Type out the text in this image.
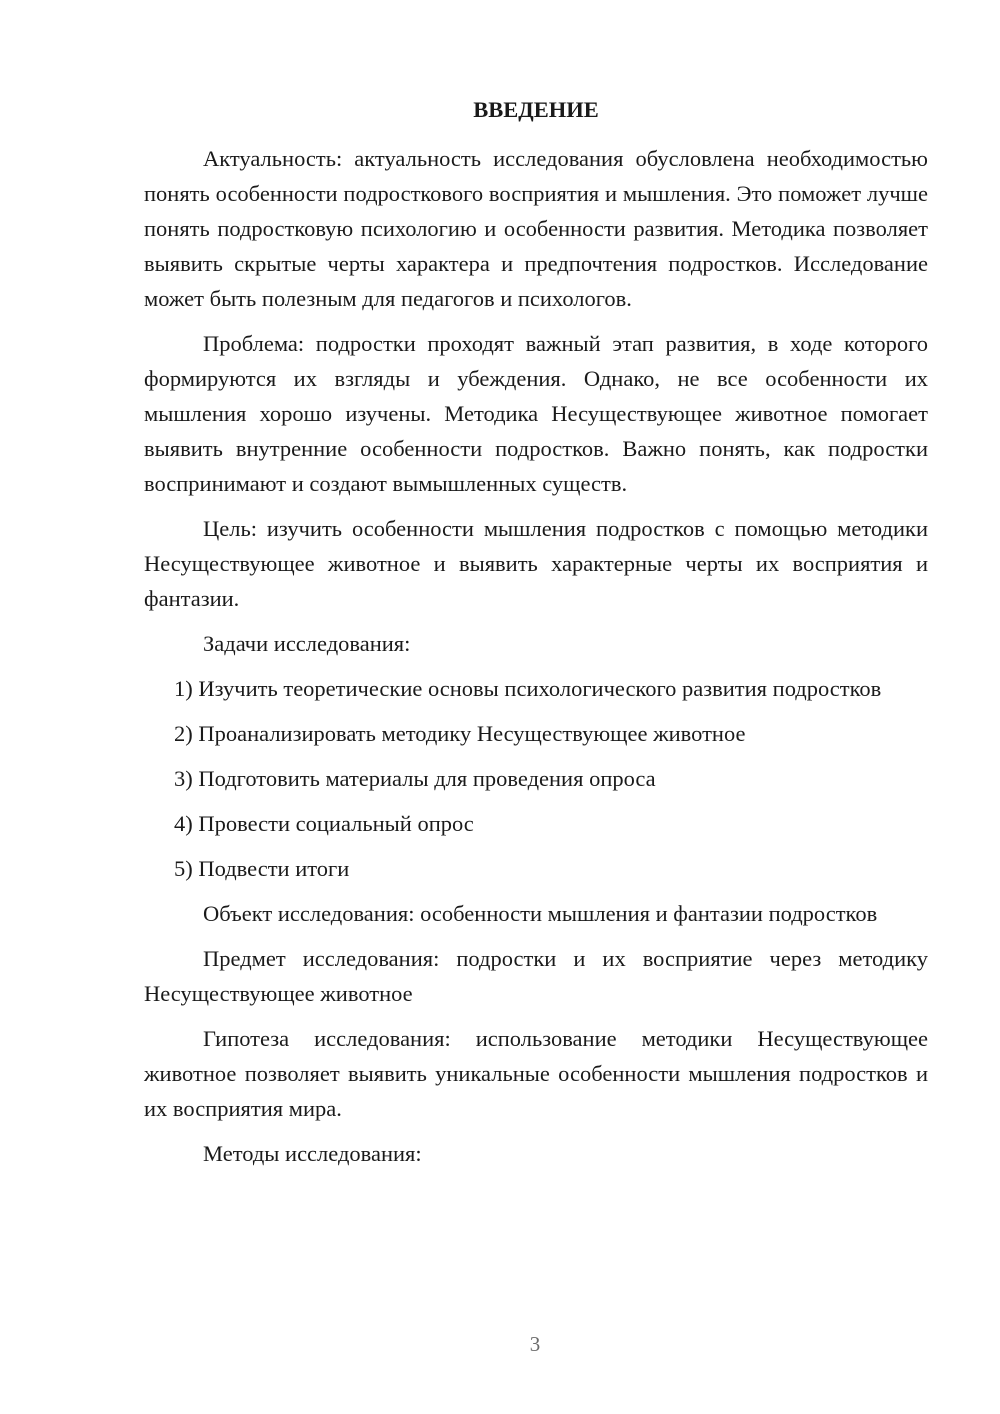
ВВЕДЕНИЕ

Актуальность: актуальность исследования обусловлена необходимостью понять особенности подросткового восприятия и мышления. Это поможет лучше понять подростковую психологию и особенности развития. Методика позволяет выявить скрытые черты характера и предпочтения подростков. Исследование может быть полезным для педагогов и психологов.

Проблема: подростки проходят важный этап развития, в ходе которого формируются их взгляды и убеждения. Однако, не все особенности их мышления хорошо изучены. Методика Несуществующее животное помогает выявить внутренние особенности подростков. Важно понять, как подростки воспринимают и создают вымышленных существ.

Цель: изучить особенности мышления подростков с помощью методики Несуществующее животное и выявить характерные черты их восприятия и фантазии.

Задачи исследования:

1) Изучить теоретические основы психологического развития подростков

2) Проанализировать методику Несуществующее животное

3) Подготовить материалы для проведения опроса

4) Провести социальный опрос

5) Подвести итоги

Объект исследования: особенности мышления и фантазии подростков

Предмет исследования: подростки и их восприятие через методику Несуществующее животное

Гипотеза исследования: использование методики Несуществующее животное позволяет выявить уникальные особенности мышления подростков и их восприятия мира.

Методы исследования:

3
